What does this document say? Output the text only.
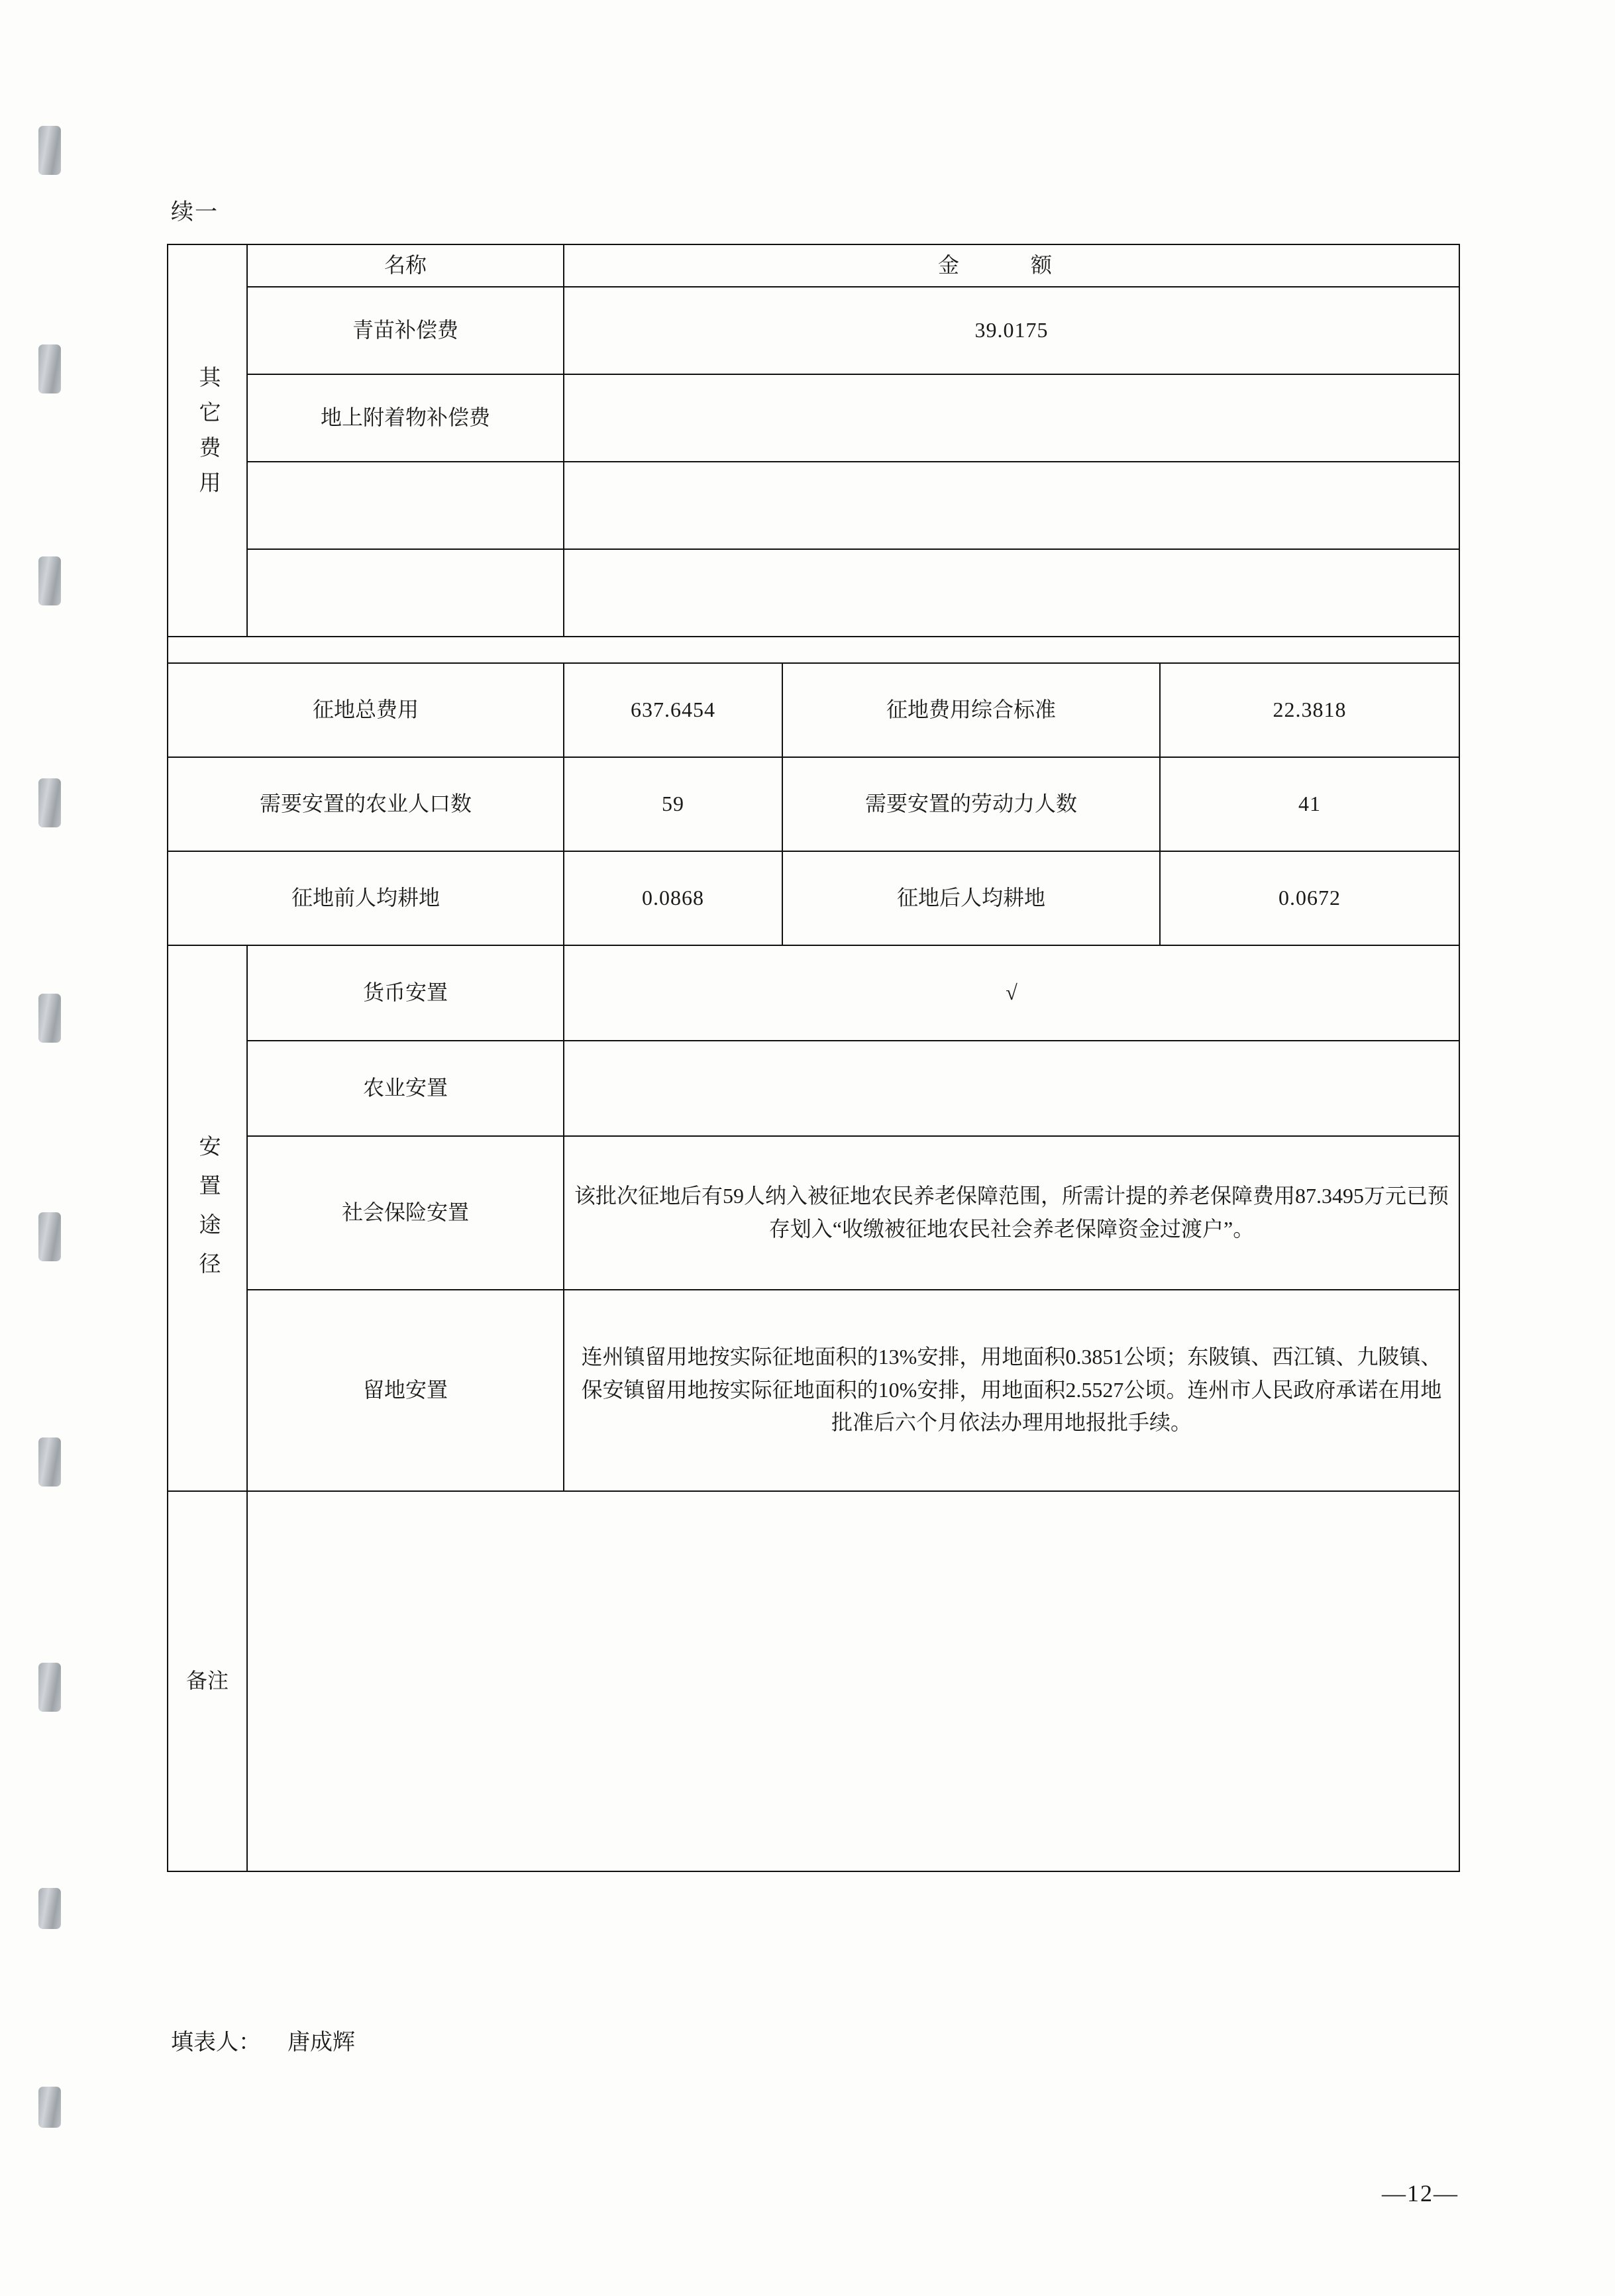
续一
其它费用	名称	金 额		
	青苗补偿费	39.0175		
	地上附着物补偿费			

征地总费用		637.6454	征地费用综合标准	22.3818
需要安置的农业人口数		59	需要安置的劳动力人数	41
征地前人均耕地		0.0868	征地后人均耕地	0.0672
安置途径	货币安置	√		
	农业安置			
	社会保险安置	该批次征地后有59人纳入被征地农民养老保障范围，所需计提的养老保障费用87.3495万元已预存划入“收缴被征地农民社会养老保障资金过渡户”。		
	留地安置	连州镇留用地按实际征地面积的13%安排，用地面积0.3851公顷；东陂镇、西江镇、九陂镇、保安镇留用地按实际征地面积的10%安排，用地面积2.5527公顷。连州市人民政府承诺在用地批准后六个月依法办理用地报批手续。		
备注				
填表人： 唐成辉
—12—
